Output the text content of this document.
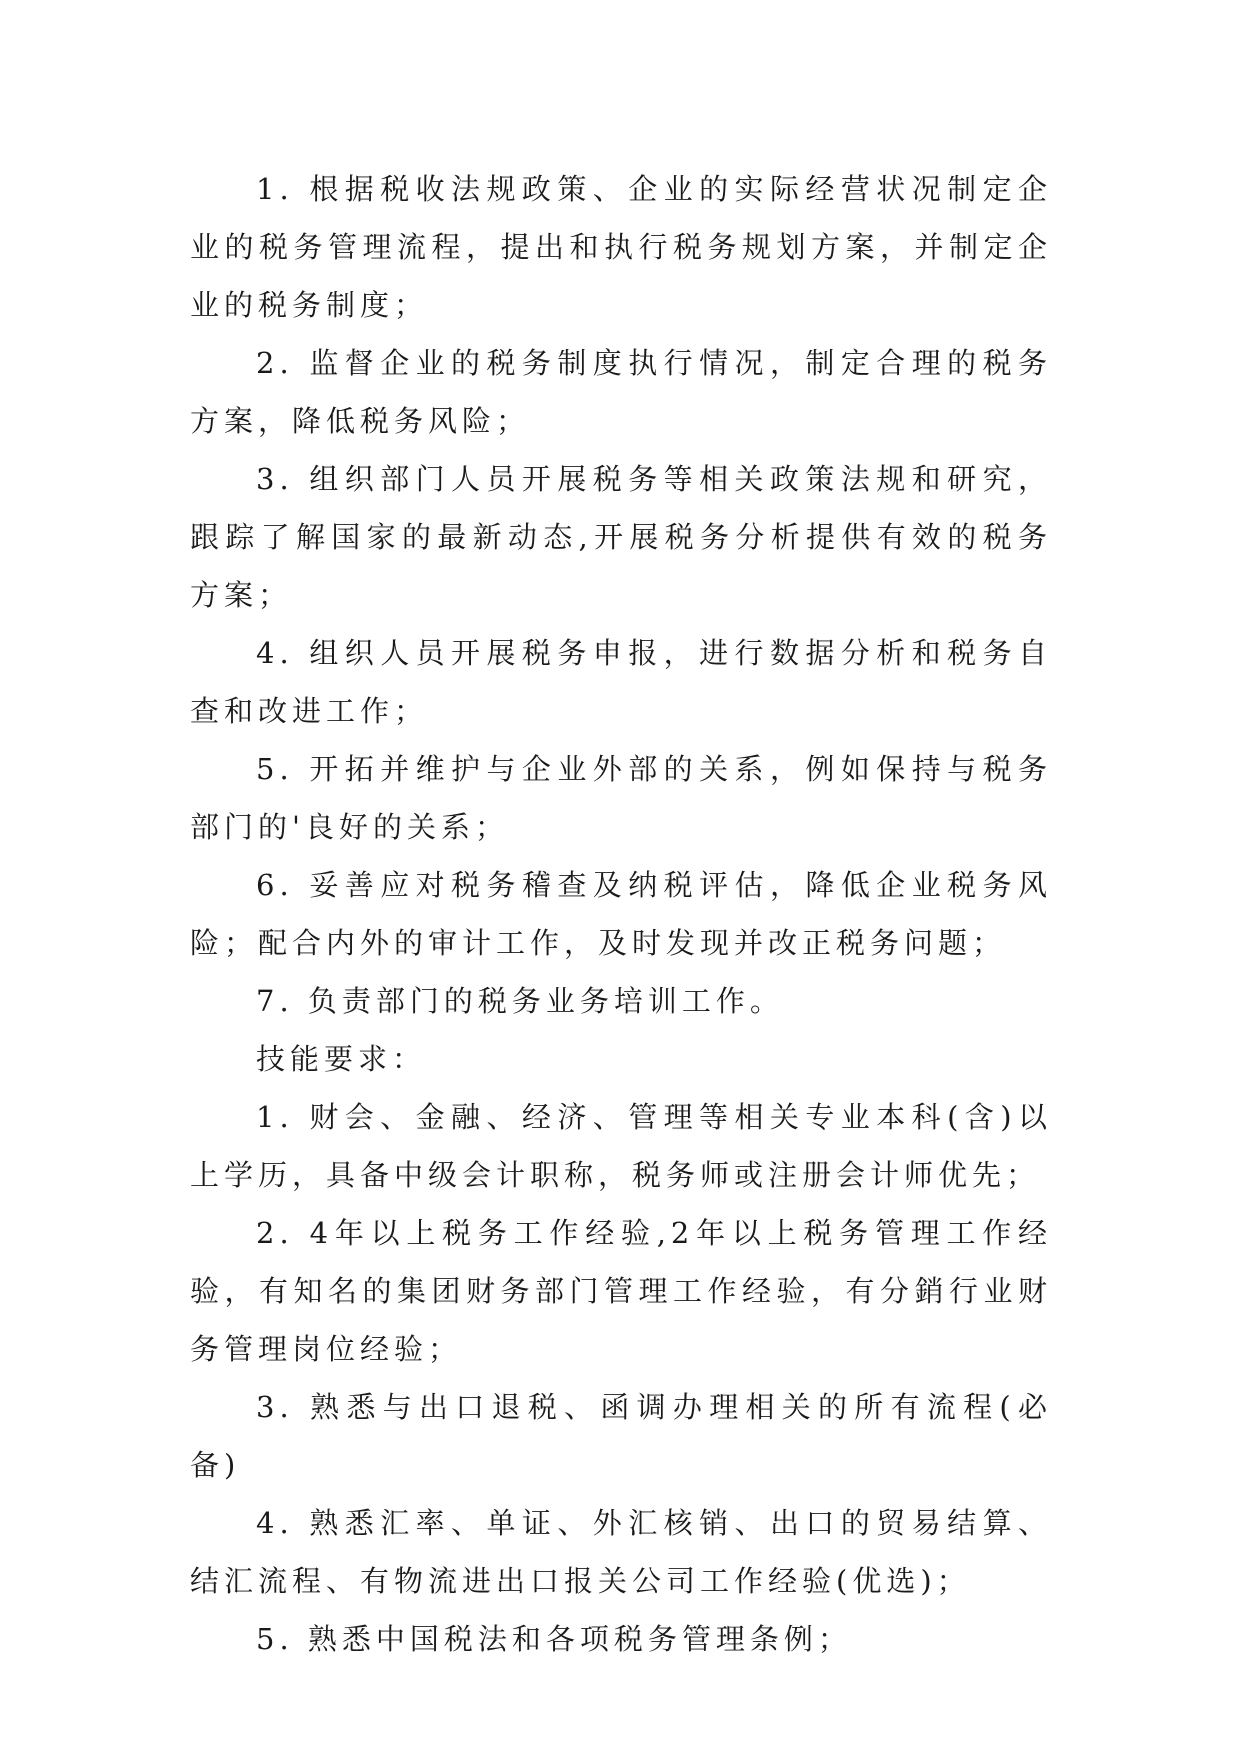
1. 根据税收法规政策、企业的实际经营状况制定企业的税务管理流程，提出和执行税务规划方案，并制定企业的税务制度；

2. 监督企业的税务制度执行情况，制定合理的税务方案，降低税务风险；

3. 组织部门人员开展税务等相关政策法规和研究，跟踪了解国家的最新动态,开展税务分析提供有效的税务方案；

4. 组织人员开展税务申报，进行数据分析和税务自查和改进工作；

5. 开拓并维护与企业外部的关系，例如保持与税务部门的'良好的关系；

6. 妥善应对税务稽查及纳税评估，降低企业税务风险；配合内外的审计工作，及时发现并改正税务问题；

7. 负责部门的税务业务培训工作。

技能要求：

1. 财会、金融、经济、管理等相关专业本科(含)以上学历，具备中级会计职称，税务师或注册会计师优先；

2. 4年以上税务工作经验,2年以上税务管理工作经验，有知名的集团财务部门管理工作经验，有分銷行业财务管理岗位经验；

3. 熟悉与出口退税、函调办理相关的所有流程(必备)

4. 熟悉汇率、单证、外汇核销、出口的贸易结算、结汇流程、有物流进出口报关公司工作经验(优选)；

5. 熟悉中国税法和各项税务管理条例；
